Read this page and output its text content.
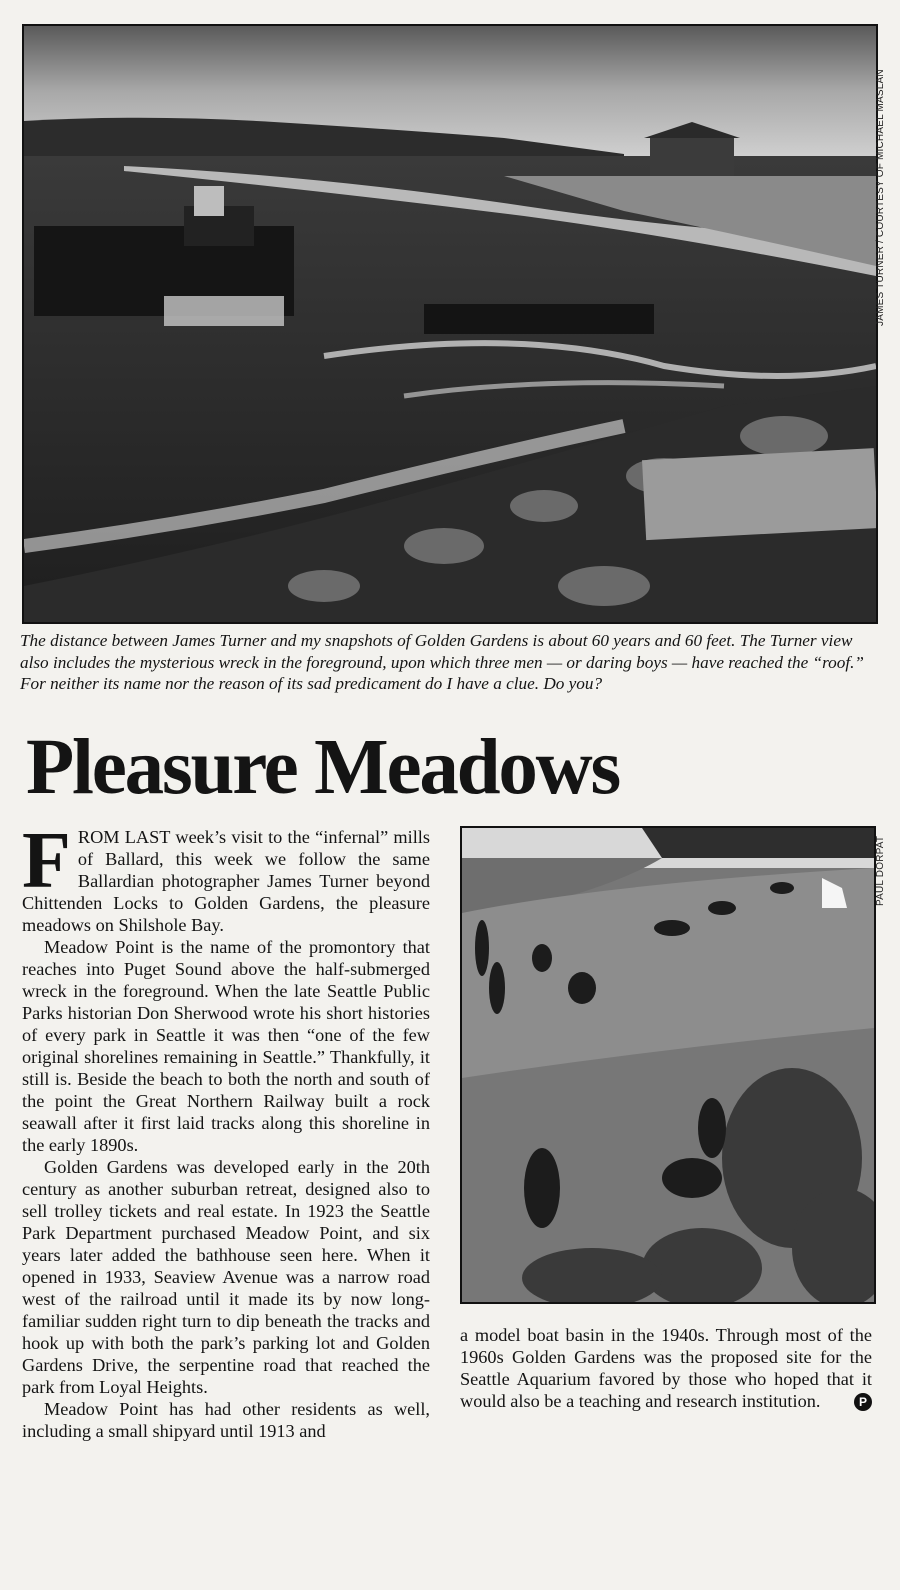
JAMES TURNER / COURTESY OF MICHAEL MASLAN

The distance between James Turner and my snapshots of Golden Gardens is about 60 years and 60 feet. The Turner view also includes the mysterious wreck in the foreground, upon which three men — or daring boys — have reached the “roof.” For neither its name nor the reason of its sad predicament do I have a clue. Do you?

Pleasure Meadows
PAUL DORPAT

FROM LAST week’s visit to the “infernal” mills of Ballard, this week we follow the same Ballardian photographer James Turner beyond Chittenden Locks to Golden Gardens, the pleasure meadows on Shilshole Bay.

Meadow Point is the name of the promontory that reaches into Puget Sound above the half-submerged wreck in the foreground. When the late Seattle Public Parks historian Don Sherwood wrote his short histories of every park in Seattle it was then “one of the few original shorelines remaining in Seattle.” Thankfully, it still is. Beside the beach to both the north and south of the point the Great Northern Railway built a rock seawall after it first laid tracks along this shoreline in the early 1890s.

Golden Gardens was developed early in the 20th century as another suburban retreat, designed also to sell trolley tickets and real estate. In 1923 the Seattle Park Department purchased Meadow Point, and six years later added the bathhouse seen here. When it opened in 1933, Seaview Avenue was a narrow road west of the railroad until it made its by now long-familiar sudden right turn to dip beneath the tracks and hook up with both the park’s parking lot and Golden Gardens Drive, the serpentine road that reached the park from Loyal Heights.

Meadow Point has had other residents as well, including a small shipyard until 1913 and

a model boat basin in the 1940s. Through most of the 1960s Golden Gardens was the proposed site for the Seattle Aquarium favored by those who hoped that it would also be a teaching and research institution.	P
